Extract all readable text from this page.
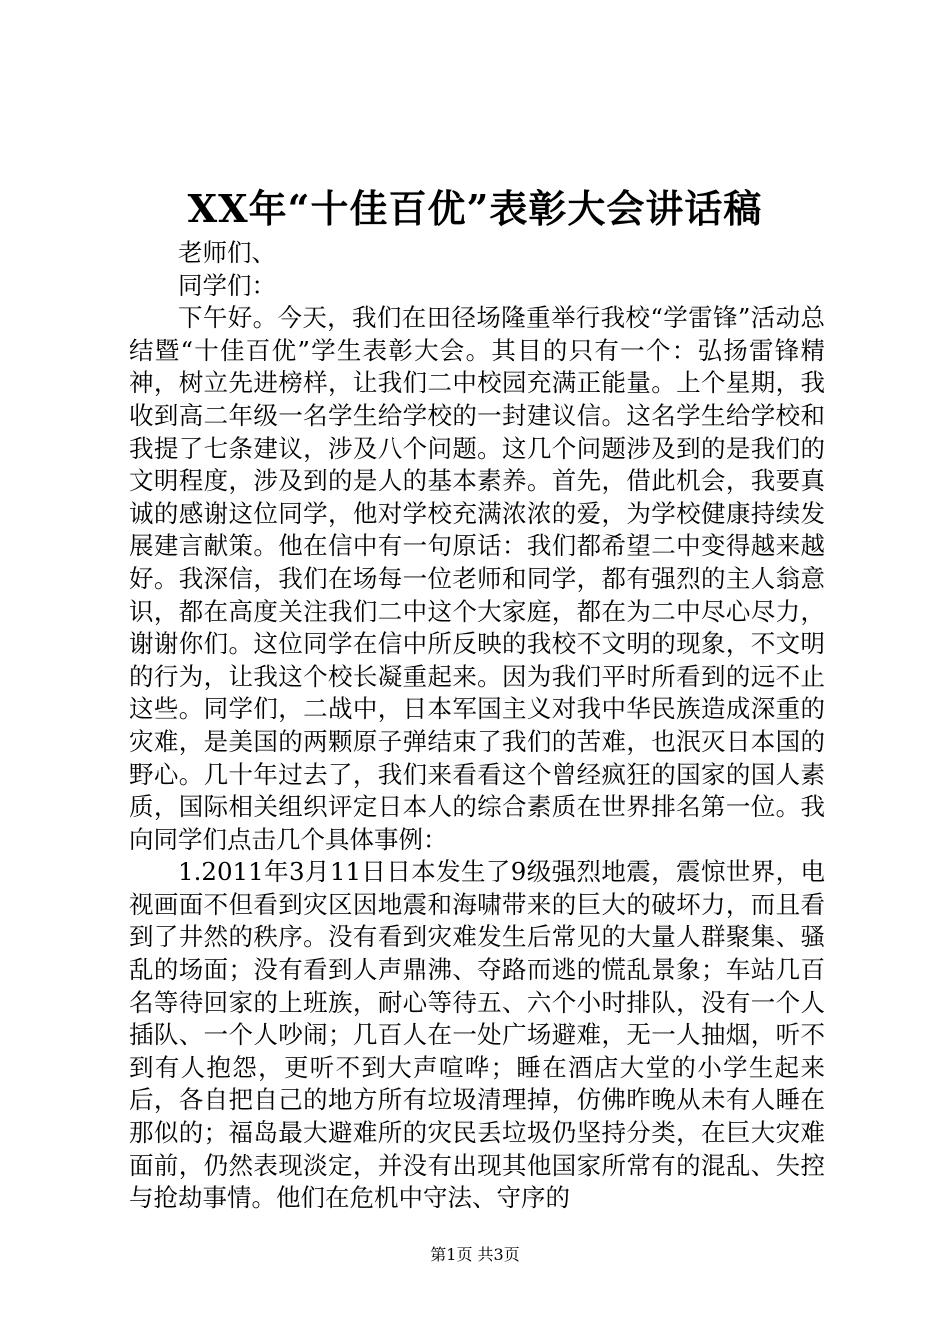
XX年“十佳百优”表彰大会讲话稿

老师们、

同学们：

下午好。今天，我们在田径场隆重举行我校“学雷锋”活动总结暨“十佳百优”学生表彰大会。其目的只有一个：弘扬雷锋精神，树立先进榜样，让我们二中校园充满正能量。上个星期，我收到高二年级一名学生给学校的一封建议信。这名学生给学校和我提了七条建议，涉及八个问题。这几个问题涉及到的是我们的文明程度，涉及到的是人的基本素养。首先，借此机会，我要真诚的感谢这位同学，他对学校充满浓浓的爱，为学校健康持续发展建言献策。他在信中有一句原话：我们都希望二中变得越来越好。我深信，我们在场每一位老师和同学，都有强烈的主人翁意识，都在高度关注我们二中这个大家庭，都在为二中尽心尽力，谢谢你们。这位同学在信中所反映的我校不文明的现象，不文明的行为，让我这个校长凝重起来。因为我们平时所看到的远不止这些。同学们，二战中，日本军国主义对我中华民族造成深重的灾难，是美国的两颗原子弹结束了我们的苦难，也泯灭日本国的野心。几十年过去了，我们来看看这个曾经疯狂的国家的国人素质，国际相关组织评定日本人的综合素质在世界排名第一位。我向同学们点击几个具体事例：

1.2011年3月11日日本发生了9级强烈地震，震惊世界，电视画面不但看到灾区因地震和海啸带来的巨大的破坏力，而且看到了井然的秩序。没有看到灾难发生后常见的大量人群聚集、骚乱的场面；没有看到人声鼎沸、夺路而逃的慌乱景象；车站几百名等待回家的上班族，耐心等待五、六个小时排队，没有一个人插队、一个人吵闹；几百人在一处广场避难，无一人抽烟，听不到有人抱怨，更听不到大声喧哗；睡在酒店大堂的小学生起来后，各自把自己的地方所有垃圾清理掉，仿佛昨晚从未有人睡在那似的；福岛最大避难所的灾民丢垃圾仍坚持分类，在巨大灾难面前，仍然表现淡定，并没有出现其他国家所常有的混乱、失控与抢劫事情。他们在危机中守法、守序的

第1页 共3页
